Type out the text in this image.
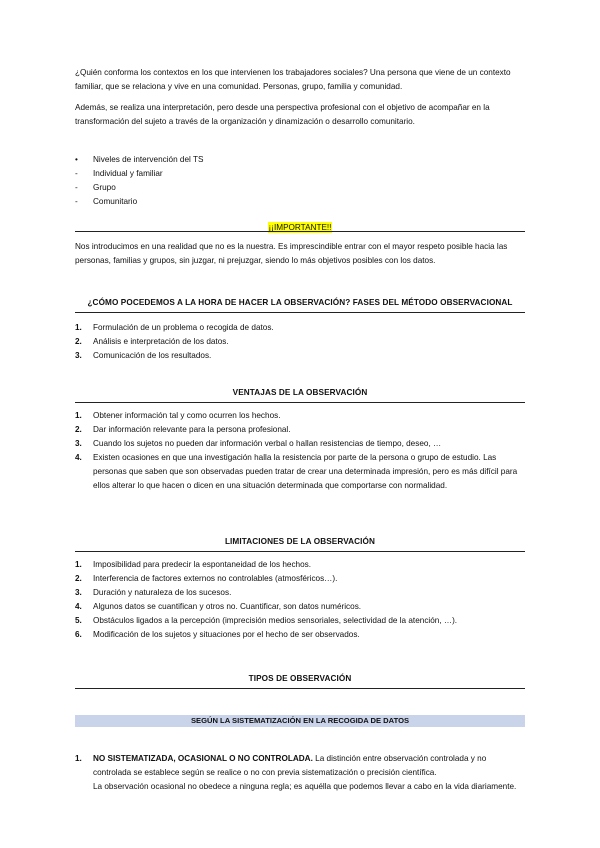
¿Quién conforma los contextos en los que intervienen los trabajadores sociales? Una persona que viene de un contexto familiar, que se relaciona y vive en una comunidad. Personas, grupo, familia y comunidad.
Además, se realiza una interpretación, pero desde una perspectiva profesional con el objetivo de acompañar en la transformación del sujeto a través de la organización y dinamización o desarrollo comunitario.
•	Niveles de intervención del TS
-	Individual y familiar
-	Grupo
-	Comunitario
¡¡IMPORTANTE!!
Nos introducimos en una realidad que no es la nuestra. Es imprescindible entrar con el mayor respeto posible hacia las personas, familias y grupos, sin juzgar, ni prejuzgar, siendo lo más objetivos posibles con los datos.
¿CÓMO POCEDEMOS A LA HORA DE HACER LA OBSERVACIÓN? FASES DEL MÉTODO OBSERVACIONAL
1.	Formulación de un problema o recogida de datos.
2.	Análisis e interpretación de los datos.
3.	Comunicación de los resultados.
VENTAJAS DE LA OBSERVACIÓN
1.	Obtener información tal y como ocurren los hechos.
2.	Dar información relevante para la persona profesional.
3.	Cuando los sujetos no pueden dar información verbal o hallan resistencias de tiempo, deseo, …
4.	Existen ocasiones en que una investigación halla la resistencia por parte de la persona o grupo de estudio. Las personas que saben que son observadas pueden tratar de crear una determinada impresión, pero es más difícil para ellos alterar lo que hacen o dicen en una situación determinada que comportarse con normalidad.
LIMITACIONES DE LA OBSERVACIÓN
1.	Imposibilidad para predecir la espontaneidad de los hechos.
2.	Interferencia de factores externos no controlables (atmosféricos…).
3.	Duración y naturaleza de los sucesos.
4.	Algunos datos se cuantifican y otros no. Cuantificar, son datos numéricos.
5.	Obstáculos ligados a la percepción (imprecisión medios sensoriales, selectividad de la atención, …).
6.	Modificación de los sujetos y situaciones por el hecho de ser observados.
TIPOS DE OBSERVACIÓN
SEGÚN LA SISTEMATIZACIÓN EN LA RECOGIDA DE DATOS
1. NO SISTEMATIZADA, OCASIONAL O NO CONTROLADA. La distinción entre observación controlada y no controlada se establece según se realice o no con previa sistematización o precisión científica.
La observación ocasional no obedece a ninguna regla; es aquélla que podemos llevar a cabo en la vida diariamente.
